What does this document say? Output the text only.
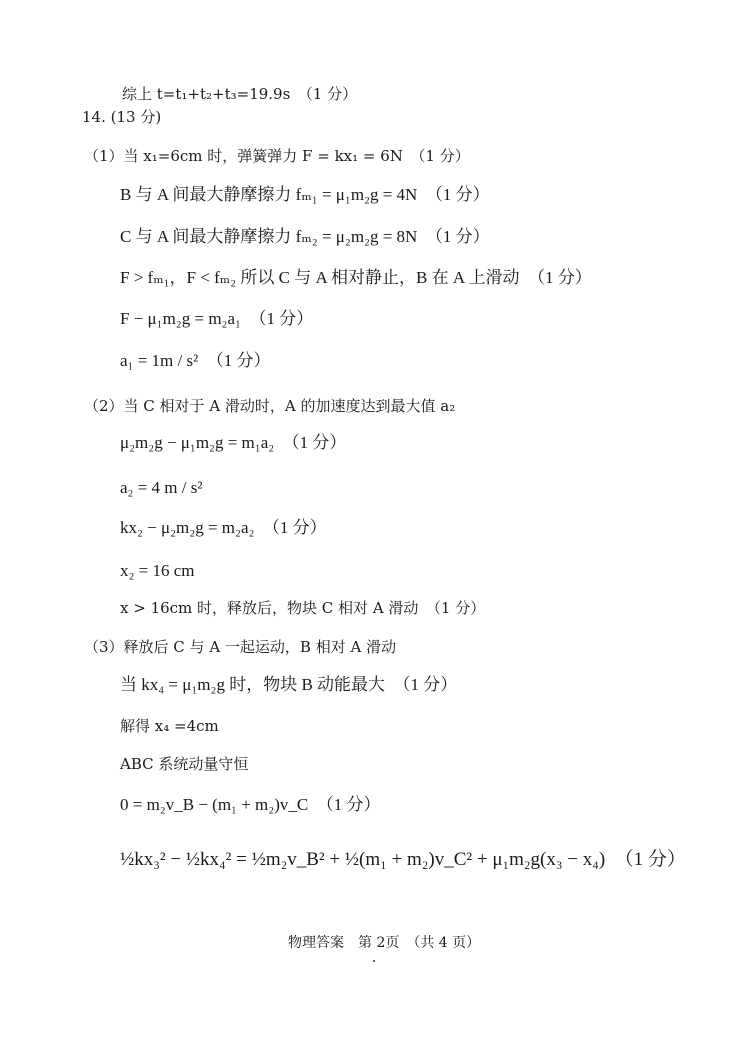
综上 t=t₁+t₂+t₃=19.9s　（1 分）
14. (13 分)
（1）当 x₁=6cm 时，弹簧弹力 F = kx₁ = 6N　（1 分）
B 与 A 间最大静摩擦力 fₘ₁ = μ₁m₂g = 4N　（1 分）
C 与 A 间最大静摩擦力 fₘ₂ = μ₂m₂g = 8N　（1 分）
F > fₘ₁，F < fₘ₂ 所以 C 与 A 相对静止，B 在 A 上滑动　（1 分）
F − μ₁m₂g = m₂a₁　（1 分）
a₁ = 1m / s²　（1 分）
（2）当 C 相对于 A 滑动时，A 的加速度达到最大值 a₂
μ₂m₂g − μ₁m₂g = m₁a₂　（1 分）
a₂ = 4 m / s²
kx₂ − μ₂m₂g = m₂a₂　（1 分）
x₂ = 16 cm
x > 16cm 时，释放后，物块 C 相对 A 滑动　（1 分）
（3）释放后 C 与 A 一起运动，B 相对 A 滑动
当 kx₄ = μ₁m₂g 时，物块 B 动能最大　（1 分）
解得 x₄ =4cm
ABC 系统动量守恒
0 = m₂v_B − (m₁ + m₂)v_C　（1 分）
½kx₃² − ½kx₄² = ½m₂v_B² + ½(m₁ + m₂)v_C² + μ₁m₂g(x₃ − x₄)　（1 分）
物理答案　第 2页　（共 4 页）
